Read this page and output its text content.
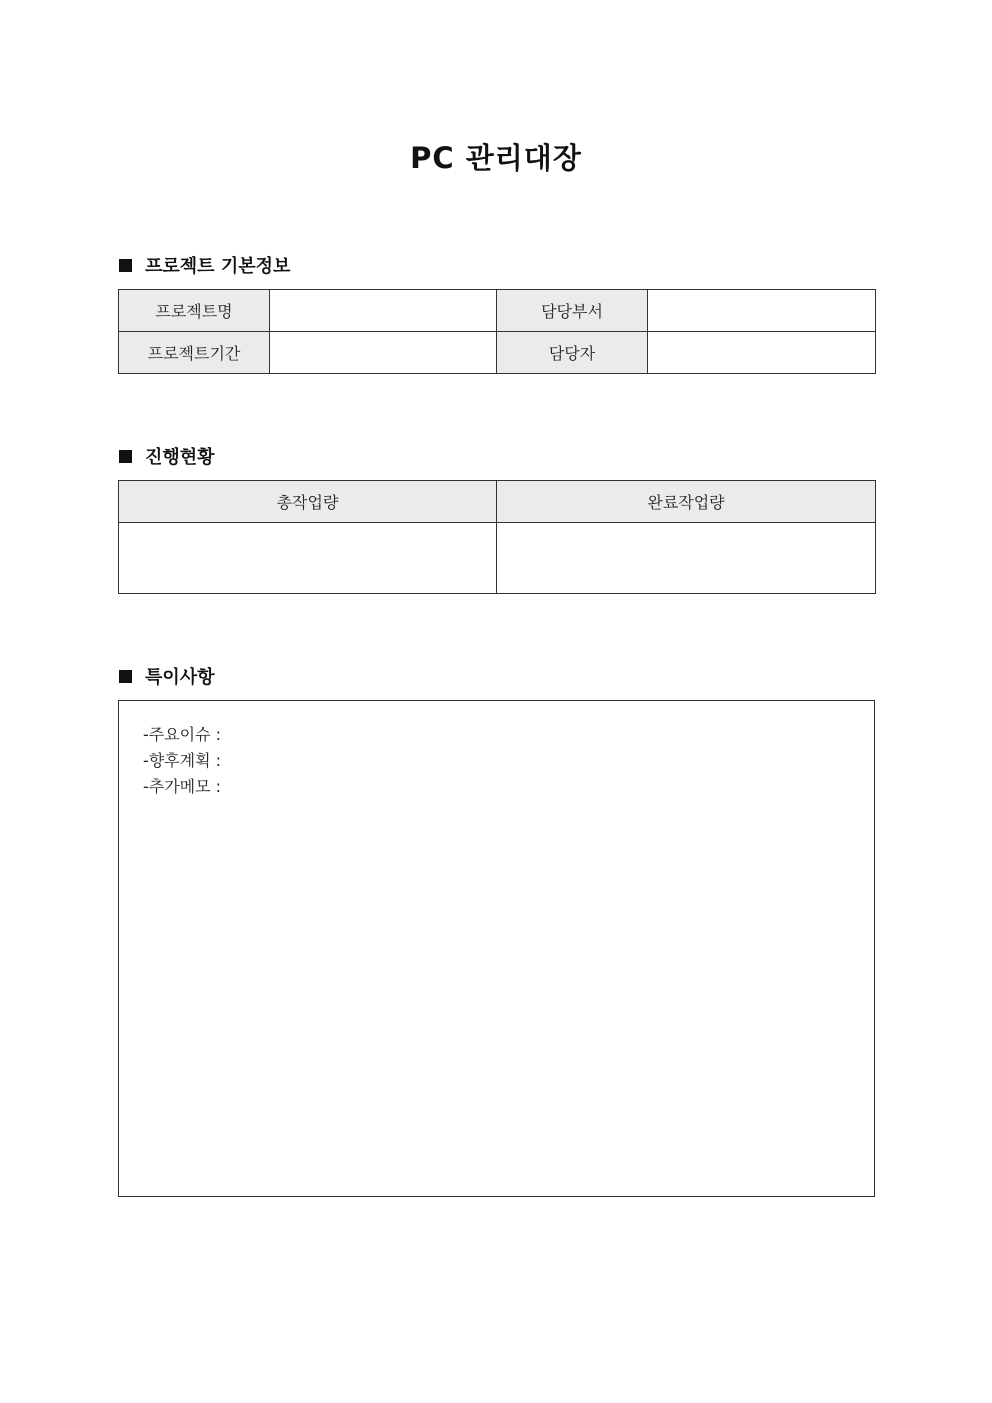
PC 관리대장
프로젝트 기본정보
프로젝트명		담당부서	
프로젝트기간		담당자	
진행현황
총작업량	완료작업량

특이사항
-주요이슈 :
-향후계획 :
-추가메모 :
